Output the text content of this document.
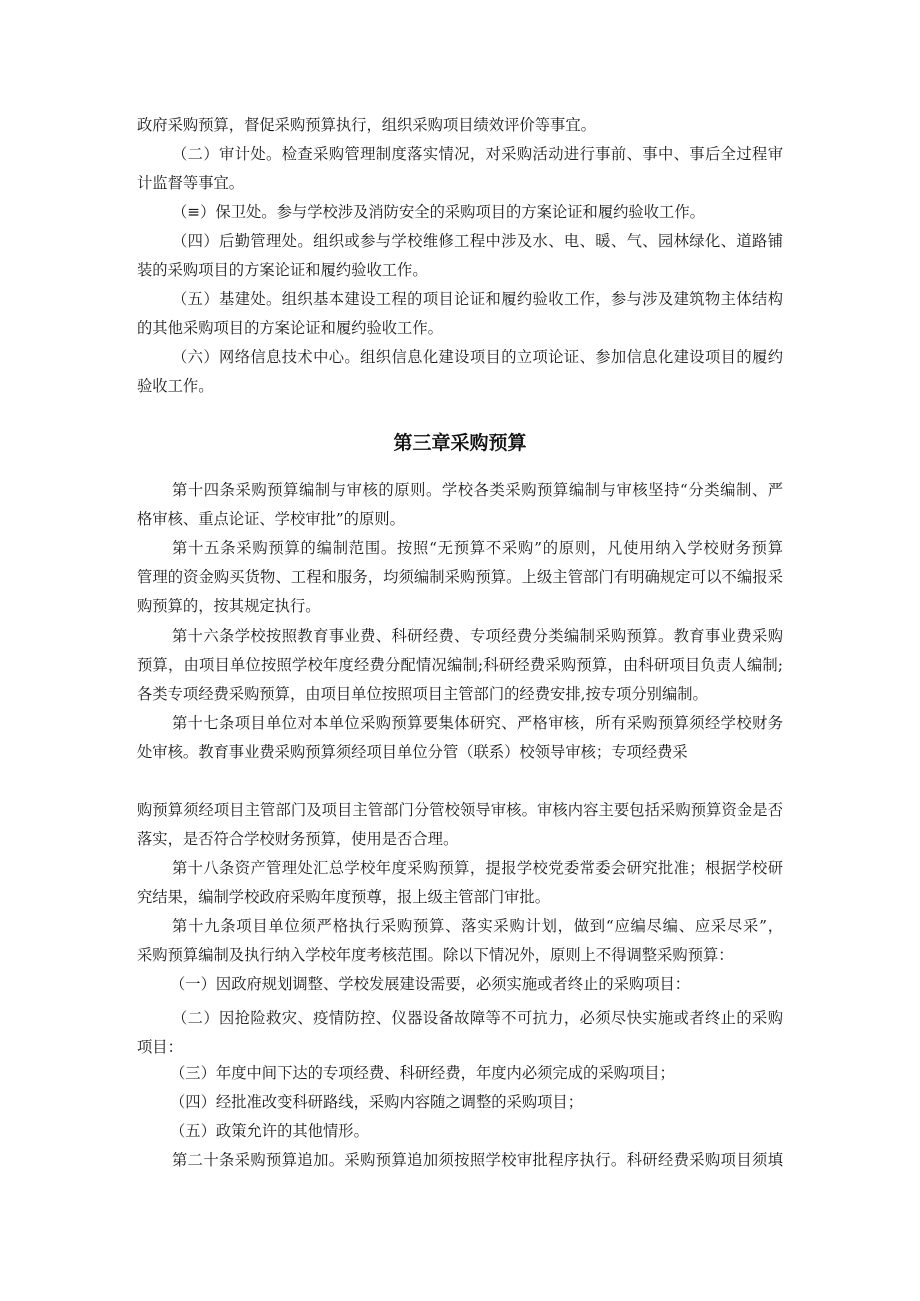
政府采购预算，督促采购预算执行，组织采购项目绩效评价等事宜。
（二）审计处。检查采购管理制度落实情况，对采购活动进行事前、事中、事后全过程审
计监督等事宜。
（≡）保卫处。参与学校涉及消防安全的采购项目的方案论证和履约验收工作。
（四）后勤管理处。组织或参与学校维修工程中涉及水、电、暖、气、园林绿化、道路铺
装的采购项目的方案论证和履约验收工作。
（五）基建处。组织基本建设工程的项目论证和履约验收工作，参与涉及建筑物主体结构
的其他采购项目的方案论证和履约验收工作。
（六）网络信息技术中心。组织信息化建设项目的立项论证、参加信息化建设项目的履约
验收工作。
第三章采购预算
第十四条采购预算编制与审核的原则。学校各类采购预算编制与审核坚持“分类编制、严
格审核、重点论证、学校审批”的原则。
第十五条采购预算的编制范围。按照“无预算不采购”的原则，凡使用纳入学校财务预算
管理的资金购买货物、工程和服务，均须编制采购预算。上级主管部门有明确规定可以不编报采
购预算的，按其规定执行。
第十六条学校按照教育事业费、科研经费、专项经费分类编制采购预算。教育事业费采购
预算，由项目单位按照学校年度经费分配情况编制;科研经费采购预算，由科研项目负责人编制;
各类专项经费采购预算，由项目单位按照项目主管部门的经费安排,按专项分别编制。
第十七条项目单位对本单位采购预算要集体研究、严格审核，所有采购预算须经学校财务
处审核。教育事业费采购预算须经项目单位分管（联系）校领导审核；专项经费采
购预算须经项目主管部门及项目主管部门分管校领导审核。审核内容主要包括采购预算资金是否
落实，是否符合学校财务预算，使用是否合理。
第十八条资产管理处汇总学校年度采购预算，提报学校党委常委会研究批准；根据学校研
究结果，编制学校政府采购年度预尊，报上级主管部门审批。
第十九条项目单位须严格执行采购预算、落实采购计划，做到“应编尽编、应采尽采”，
采购预算编制及执行纳入学校年度考核范围。除以下情况外，原则上不得调整采购预算：
（一）因政府规划调整、学校发展建设需要，必须实施或者终止的采购项目：
（二）因抢险救灾、疫情防控、仪器设备故障等不可抗力，必须尽快实施或者终止的采购
项目：
（三）年度中间下达的专项经费、科研经费，年度内必须完成的采购项目；
（四）经批准改变科研路线，采购内容随之调整的采购项目；
（五）政策允许的其他情形。
第二十条采购预算追加。采购预算追加须按照学校审批程序执行。科研经费采购项目须填
